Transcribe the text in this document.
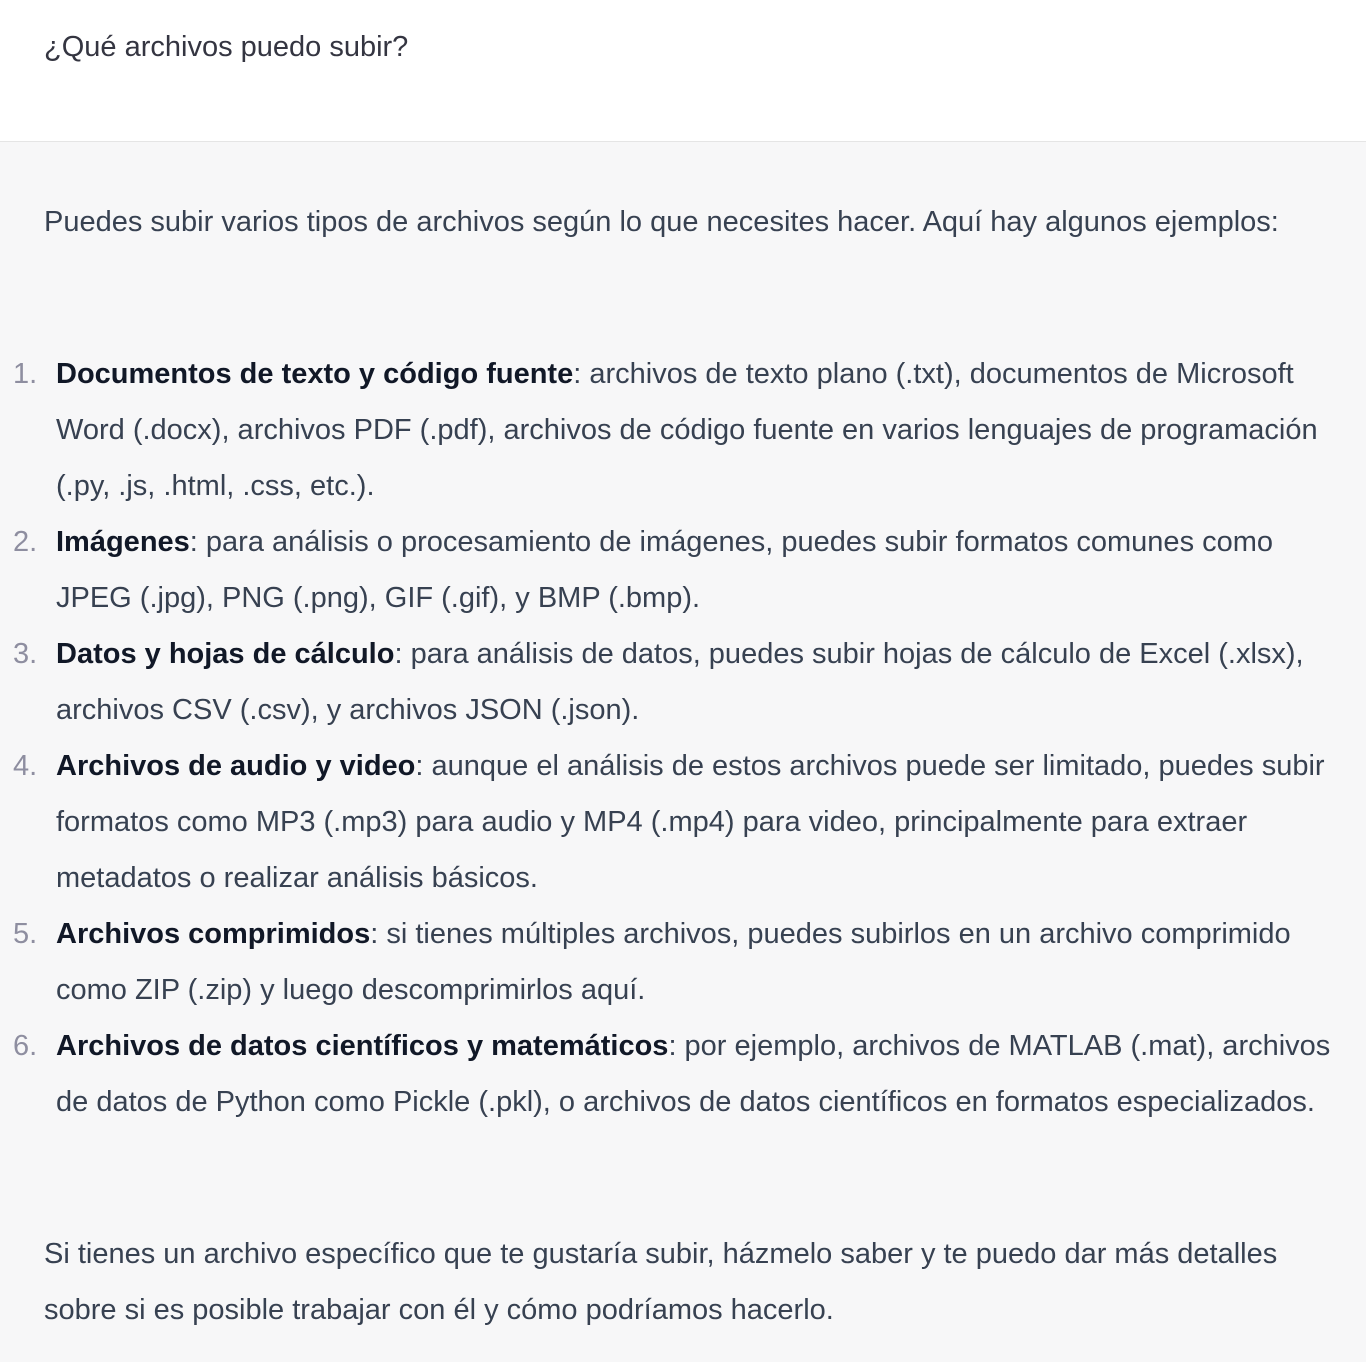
¿Qué archivos puedo subir?

Puedes subir varios tipos de archivos según lo que necesites hacer. Aquí hay algunos ejemplos:

1. Documentos de texto y código fuente: archivos de texto plano (.txt), documentos de Microsoft Word (.docx), archivos PDF (.pdf), archivos de código fuente en varios lenguajes de programación (.py, .js, .html, .css, etc.).
2. Imágenes: para análisis o procesamiento de imágenes, puedes subir formatos comunes como JPEG (.jpg), PNG (.png), GIF (.gif), y BMP (.bmp).
3. Datos y hojas de cálculo: para análisis de datos, puedes subir hojas de cálculo de Excel (.xlsx), archivos CSV (.csv), y archivos JSON (.json).
4. Archivos de audio y video: aunque el análisis de estos archivos puede ser limitado, puedes subir formatos como MP3 (.mp3) para audio y MP4 (.mp4) para video, principalmente para extraer metadatos o realizar análisis básicos.
5. Archivos comprimidos: si tienes múltiples archivos, puedes subirlos en un archivo comprimido como ZIP (.zip) y luego descomprimirlos aquí.
6. Archivos de datos científicos y matemáticos: por ejemplo, archivos de MATLAB (.mat), archivos de datos de Python como Pickle (.pkl), o archivos de datos científicos en formatos especializados.

Si tienes un archivo específico que te gustaría subir, házmelo saber y te puedo dar más detalles sobre si es posible trabajar con él y cómo podríamos hacerlo.
